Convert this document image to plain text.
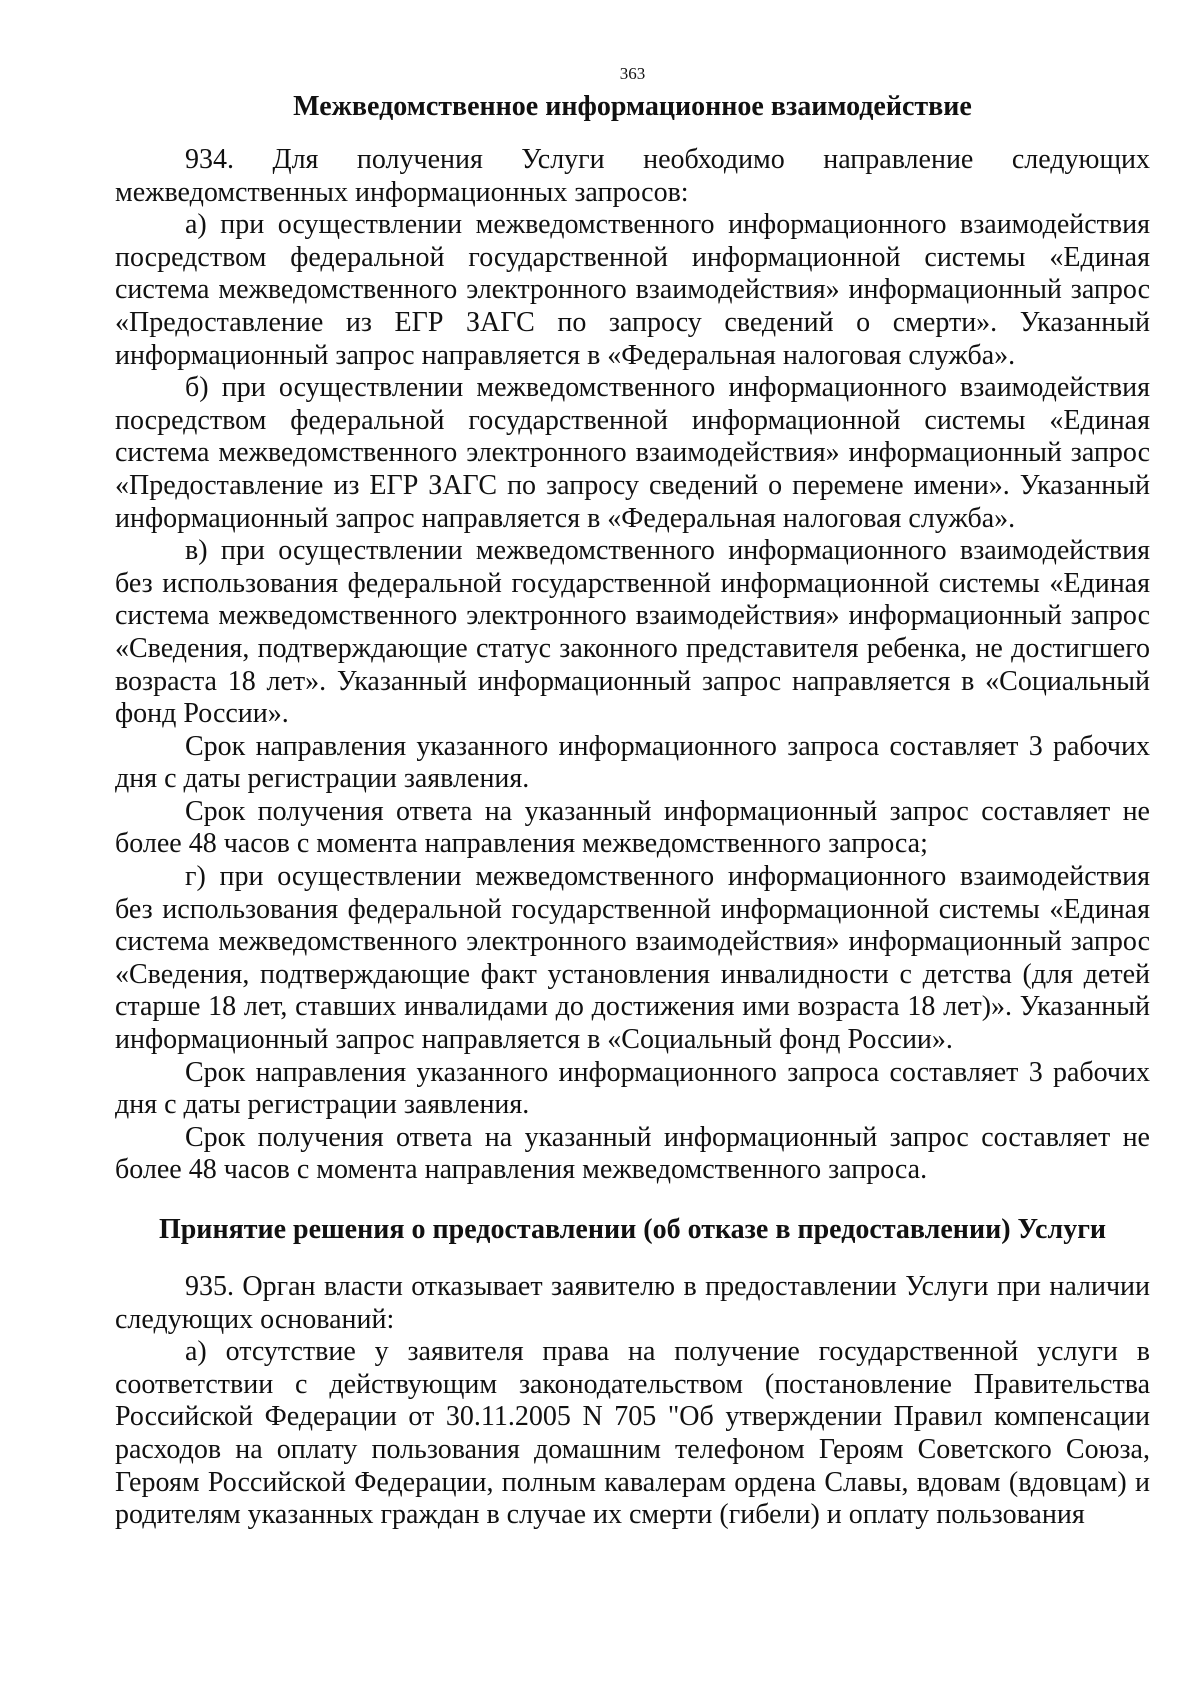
363
Межведомственное информационное взаимодействие

934. Для получения Услуги необходимо направление следующих межведомственных информационных запросов:

а) при осуществлении межведомственного информационного взаимодействия посредством федеральной государственной информационной системы «Единая система межведомственного электронного взаимодействия» информационный запрос «Предоставление из ЕГР ЗАГС по запросу сведений о смерти». Указанный информационный запрос направляется в «Федеральная налоговая служба».

б) при осуществлении межведомственного информационного взаимодействия посредством федеральной государственной информационной системы «Единая система межведомственного электронного взаимодействия» информационный запрос «Предоставление из ЕГР ЗАГС по запросу сведений о перемене имени». Указанный информационный запрос направляется в «Федеральная налоговая служба».

в) при осуществлении межведомственного информационного взаимодействия без использования федеральной государственной информационной системы «Единая система межведомственного электронного взаимодействия» информационный запрос «Сведения, подтверждающие статус законного представителя ребенка, не достигшего возраста 18 лет». Указанный информационный запрос направляется в «Социальный фонд России».

Срок направления указанного информационного запроса составляет 3 рабочих дня с даты регистрации заявления.

Срок получения ответа на указанный информационный запрос составляет не более 48 часов с момента направления межведомственного запроса;

г) при осуществлении межведомственного информационного взаимодействия без использования федеральной государственной информационной системы «Единая система межведомственного электронного взаимодействия» информационный запрос «Сведения, подтверждающие факт установления инвалидности с детства (для детей старше 18 лет, ставших инвалидами до достижения ими возраста 18 лет)». Указанный информационный запрос направляется в «Социальный фонд России».

Срок направления указанного информационного запроса составляет 3 рабочих дня с даты регистрации заявления.

Срок получения ответа на указанный информационный запрос составляет не более 48 часов с момента направления межведомственного запроса.

Принятие решения о предоставлении (об отказе в предоставлении) Услуги

935. Орган власти отказывает заявителю в предоставлении Услуги при наличии следующих оснований:

а) отсутствие у заявителя права на получение государственной услуги в соответствии с действующим законодательством (постановление Правительства Российской Федерации от 30.11.2005 N 705 "Об утверждении Правил компенсации расходов на оплату пользования домашним телефоном Героям Советского Союза, Героям Российской Федерации, полным кавалерам ордена Славы, вдовам (вдовцам) и родителям указанных граждан в случае их смерти (гибели) и оплату пользования
